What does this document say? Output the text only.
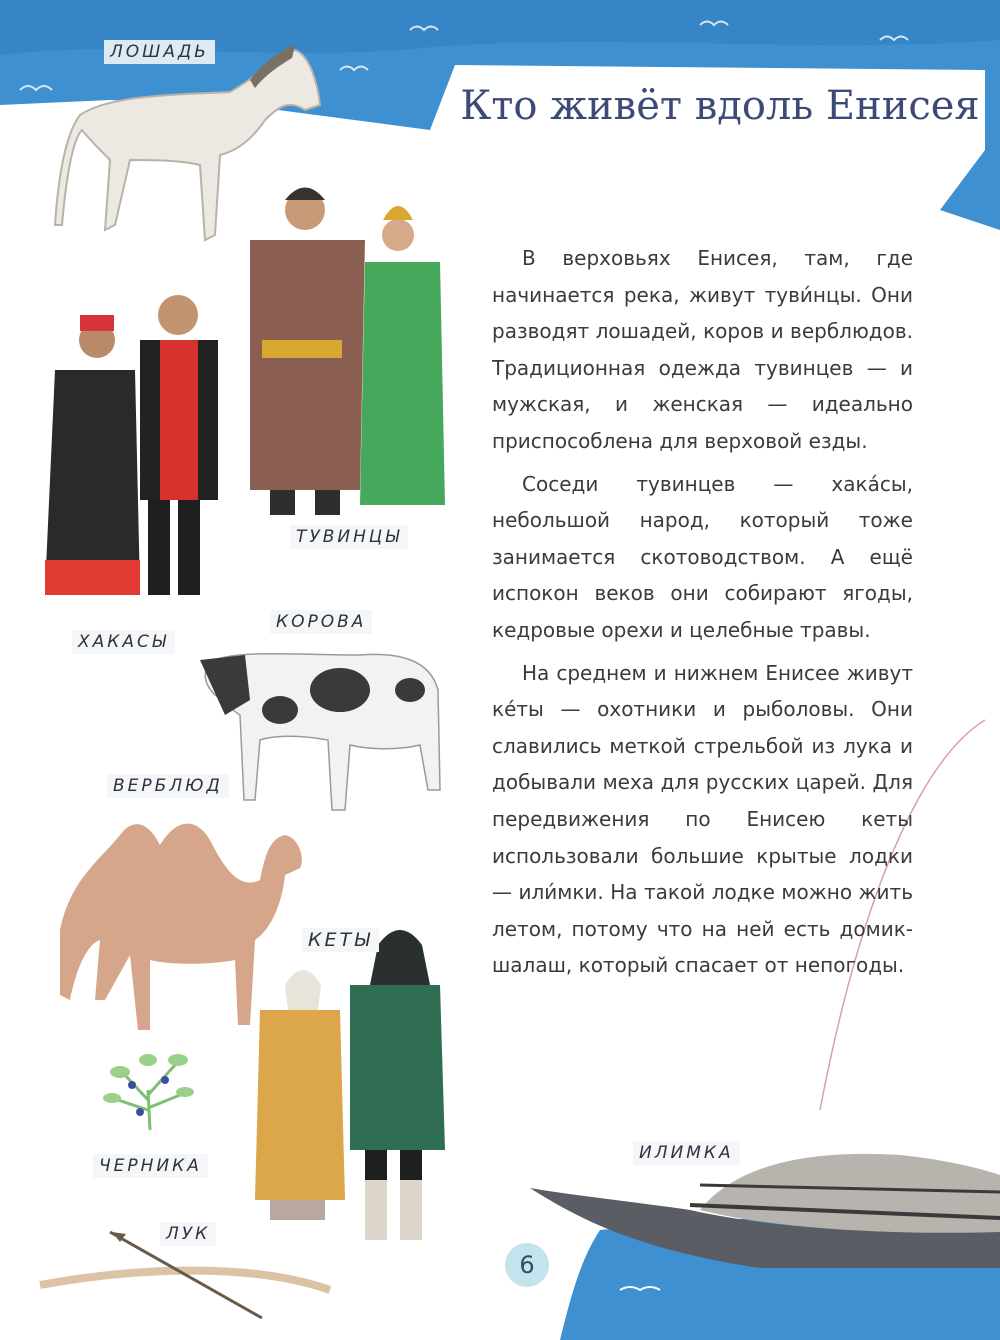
ЛОШАДЬ
ТУВИНЦЫ
ХАКАСЫ
КОРОВА
ВЕРБЛЮД
КЕТЫ
ЧЕРНИКА
ЛУК
ИЛИМКА
Кто живёт вдоль Енисея

В верховьях Енисея, там, где начинается река, живут туви́нцы. Они разводят лошадей, коров и верблюдов. Традиционная одежда тувинцев — и мужская, и женская — идеально приспособлена для верховой езды.

Соседи тувинцев — хака́сы, небольшой народ, который тоже занимается скотоводством. А ещё испокон веков они собирают ягоды, кедровые орехи и целебные травы.

На среднем и нижнем Енисее живут ке́ты — охотники и рыболовы. Они славились меткой стрельбой из лука и добывали меха для русских царей. Для передвижения по Енисею кеты использовали большие крытые лодки — или́мки. На такой лодке можно жить летом, потому что на ней есть домик-шалаш, который спасает от непогоды.

6
